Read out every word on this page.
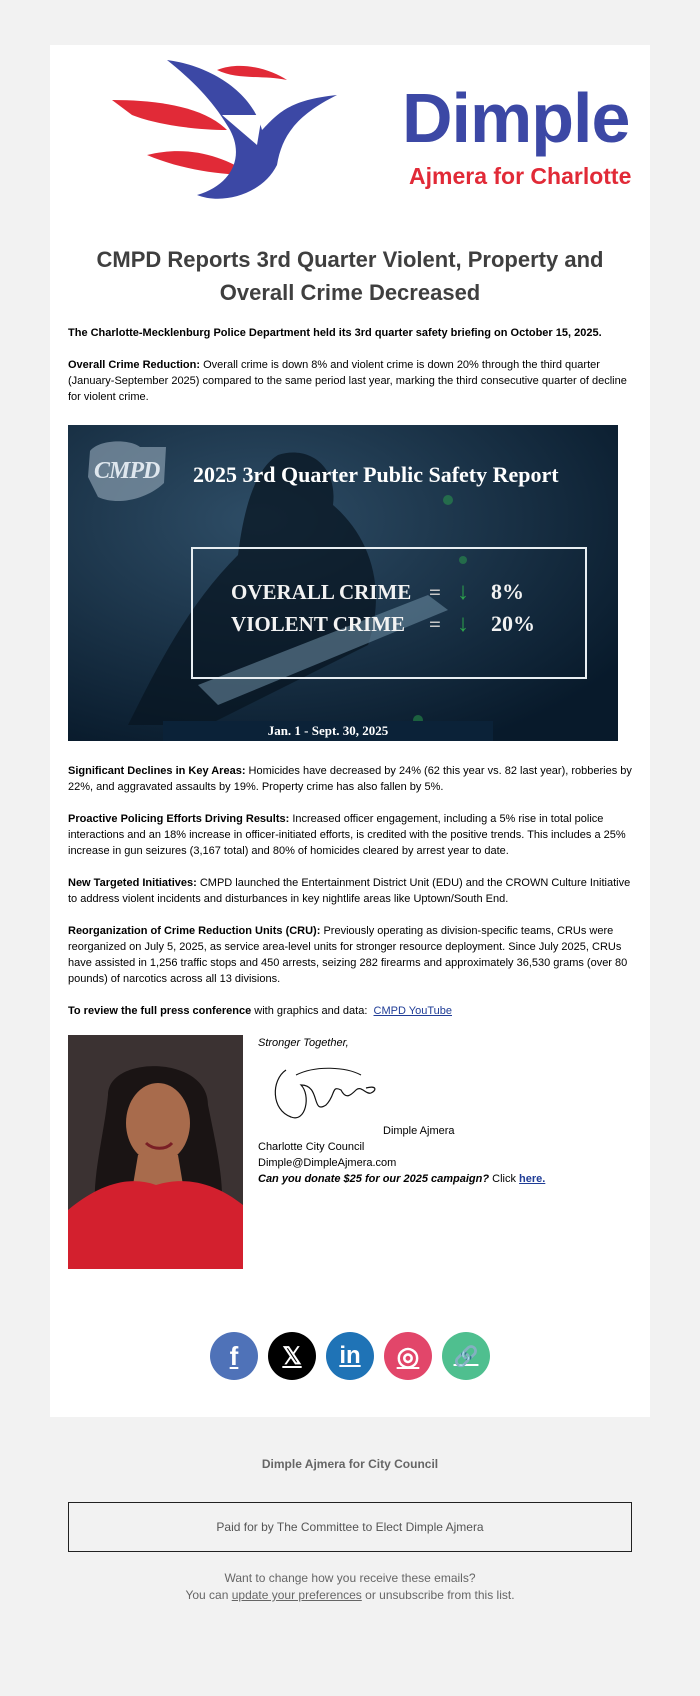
Dimple
Ajmera for Charlotte
CMPD Reports 3rd Quarter Violent, Property and Overall Crime Decreased
The Charlotte-Mecklenburg Police Department held its 3rd quarter safety briefing on October 15, 2025.
Overall Crime Reduction: Overall crime is down 8% and violent crime is down 20% through the third quarter (January-September 2025) compared to the same period last year, marking the third consecutive quarter of decline for violent crime.
CMPD 2025 3rd Quarter Public Safety Report
OVERALL CRIME = ↓ 8%
VIOLENT CRIME = ↓ 20%
Jan. 1 - Sept. 30, 2025
Significant Declines in Key Areas: Homicides have decreased by 24% (62 this year vs. 82 last year), robberies by 22%, and aggravated assaults by 19%. Property crime has also fallen by 5%.
Proactive Policing Efforts Driving Results: Increased officer engagement, including a 5% rise in total police interactions and an 18% increase in officer-initiated efforts, is credited with the positive trends. This includes a 25% increase in gun seizures (3,167 total) and 80% of homicides cleared by arrest year to date.
New Targeted Initiatives: CMPD launched the Entertainment District Unit (EDU) and the CROWN Culture Initiative to address violent incidents and disturbances in key nightlife areas like Uptown/South End.
Reorganization of Crime Reduction Units (CRU): Previously operating as division-specific teams, CRUs were reorganized on July 5, 2025, as service area-level units for stronger resource deployment. Since July 2025, CRUs have assisted in 1,256 traffic stops and 450 arrests, seizing 282 firearms and approximately 36,530 grams (over 80 pounds) of narcotics across all 13 divisions.
To review the full press conference with graphics and data: CMPD YouTube
Stronger Together,
Dimple Ajmera
Charlotte City Council
Dimple@DimpleAjmera.com
Can you donate $25 for our 2025 campaign? Click here.
f	𝕏	in	◎	🔗
Dimple Ajmera for City Council
Paid for by The Committee to Elect Dimple Ajmera
Want to change how you receive these emails?
You can update your preferences or unsubscribe from this list.
